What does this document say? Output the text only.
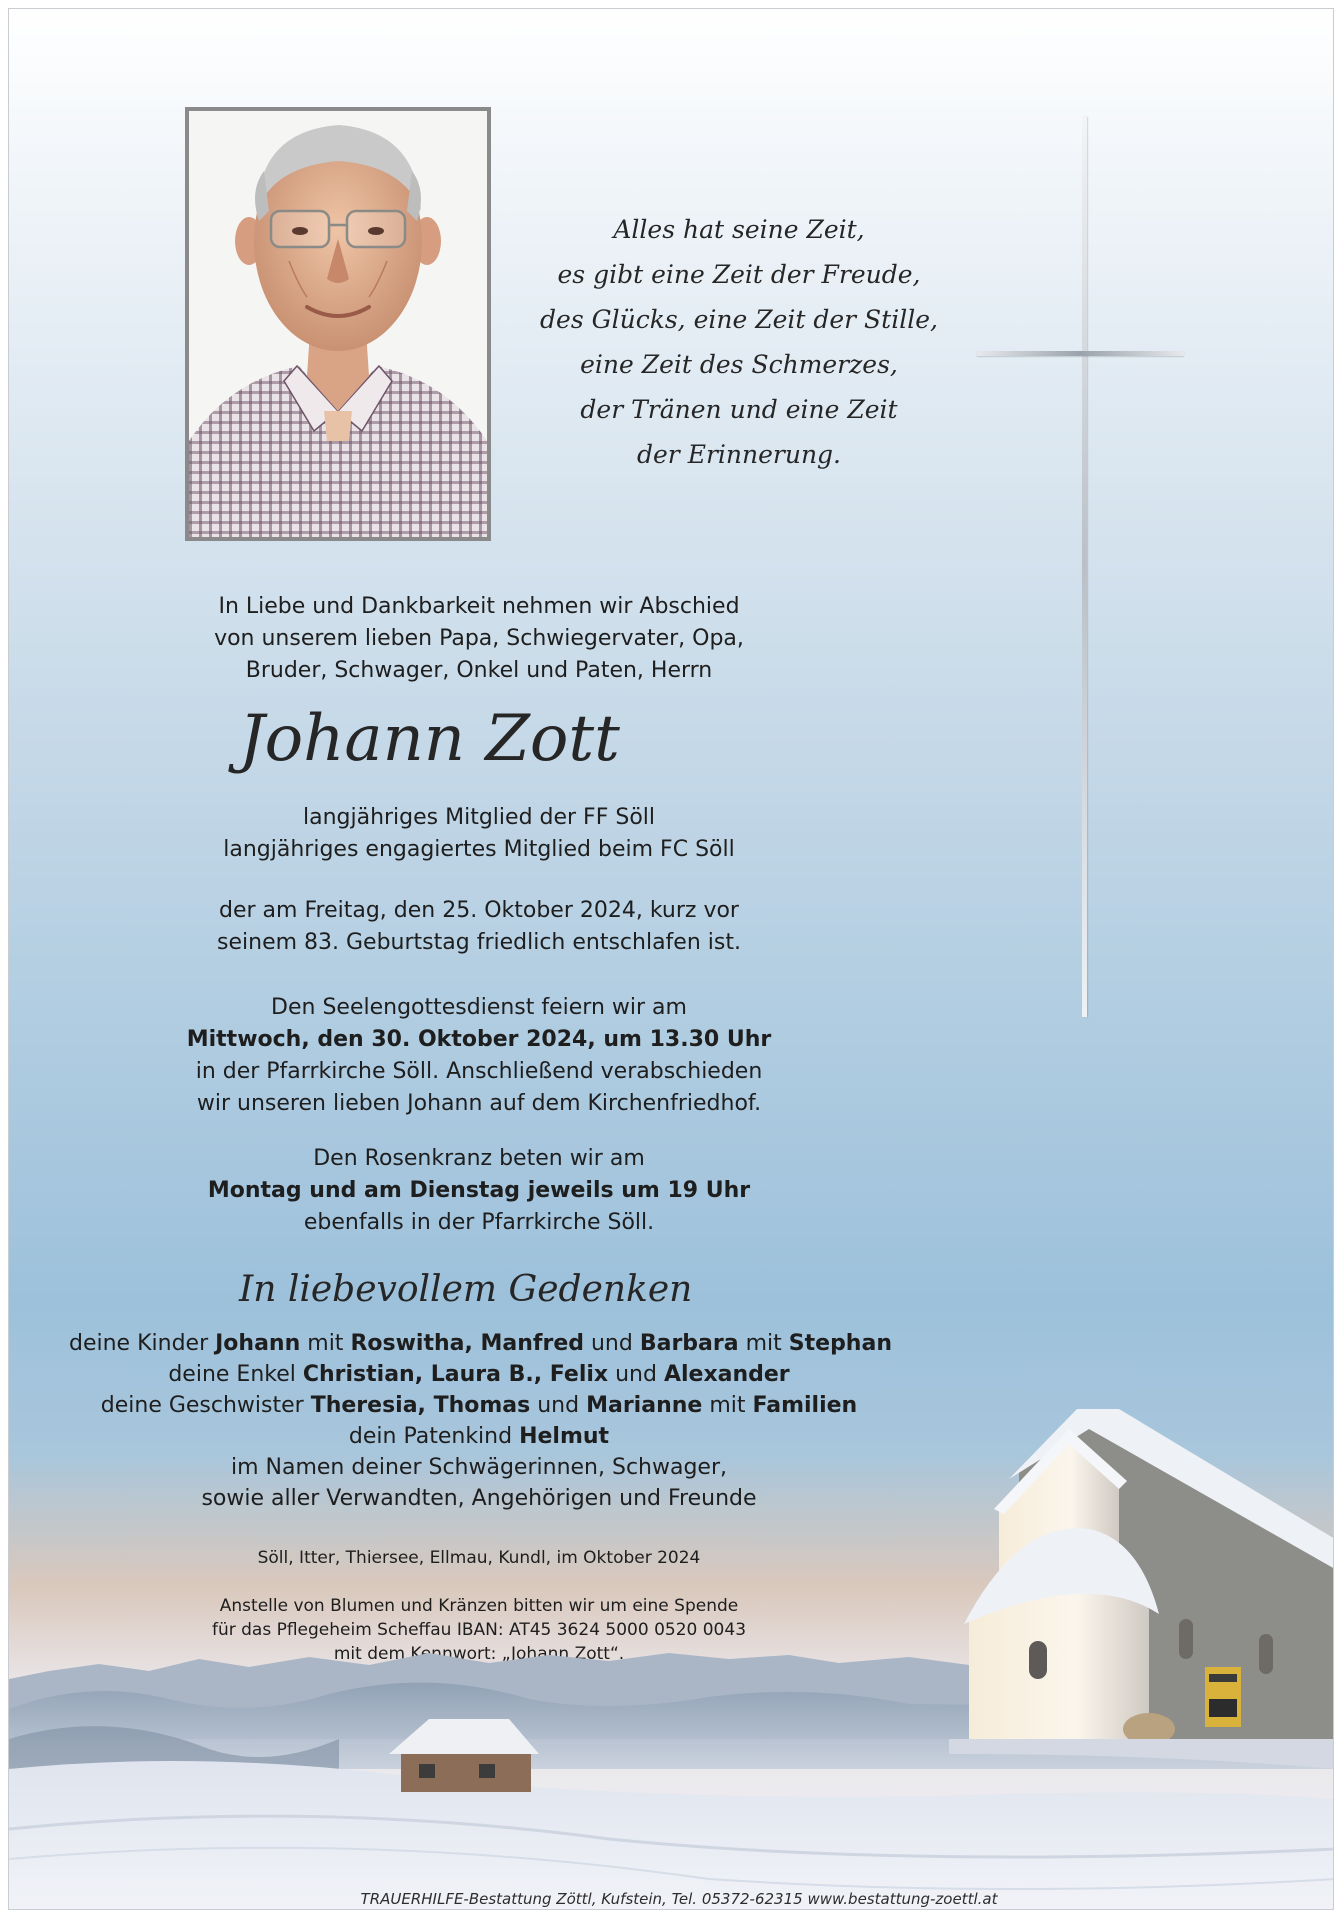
Alles hat seine Zeit,
es gibt eine Zeit der Freude,
des Glücks, eine Zeit der Stille,
eine Zeit des Schmerzes,
der Tränen und eine Zeit
der Erinnerung.
In Liebe und Dankbarkeit nehmen wir Abschied
von unserem lieben Papa, Schwiegervater, Opa,
Bruder, Schwager, Onkel und Paten, Herrn
Johann Zott
langjähriges Mitglied der FF Söll
langjähriges engagiertes Mitglied beim FC Söll
der am Freitag, den 25. Oktober 2024, kurz vor
seinem 83. Geburtstag friedlich entschlafen ist.
Den Seelengottesdienst feiern wir am
Mittwoch, den 30. Oktober 2024, um 13.30 Uhr
in der Pfarrkirche Söll. Anschließend verabschieden
wir unseren lieben Johann auf dem Kirchenfriedhof.
Den Rosenkranz beten wir am
Montag und am Dienstag jeweils um 19 Uhr
ebenfalls in der Pfarrkirche Söll.
In liebevollem Gedenken
deine Kinder Johann mit Roswitha, Manfred und Barbara mit Stephan
deine Enkel Christian, Laura B., Felix und Alexander
deine Geschwister Theresia, Thomas und Marianne mit Familien
dein Patenkind Helmut
im Namen deiner Schwägerinnen, Schwager,
sowie aller Verwandten, Angehörigen und Freunde
Söll, Itter, Thiersee, Ellmau, Kundl, im Oktober 2024
Anstelle von Blumen und Kränzen bitten wir um eine Spende
für das Pflegeheim Scheffau IBAN: AT45 3624 5000 0520 0043
mit dem Kennwort: „Johann Zott“.
TRAUERHILFE-Bestattung Zöttl, Kufstein, Tel. 05372-62315 www.bestattung-zoettl.at
